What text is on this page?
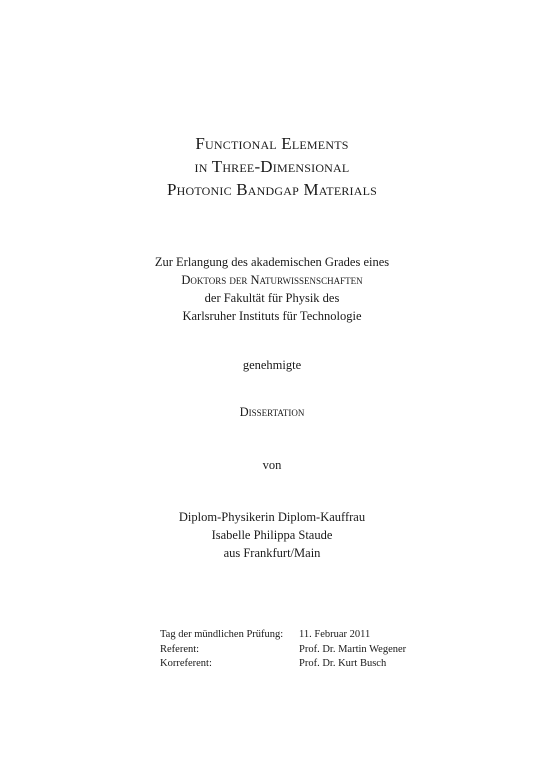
Functional Elements
in Three-Dimensional
Photonic Bandgap Materials
Zur Erlangung des akademischen Grades eines
Doktors der Naturwissenschaften
der Fakultät für Physik des
Karlsruher Instituts für Technologie
genehmigte
Dissertation
von
Diplom-Physikerin Diplom-Kauffrau
Isabelle Philippa Staude
aus Frankfurt/Main
Tag der mündlichen Prüfung:	11. Februar 2011
Referent:	Prof. Dr. Martin Wegener
Korreferent:	Prof. Dr. Kurt Busch
